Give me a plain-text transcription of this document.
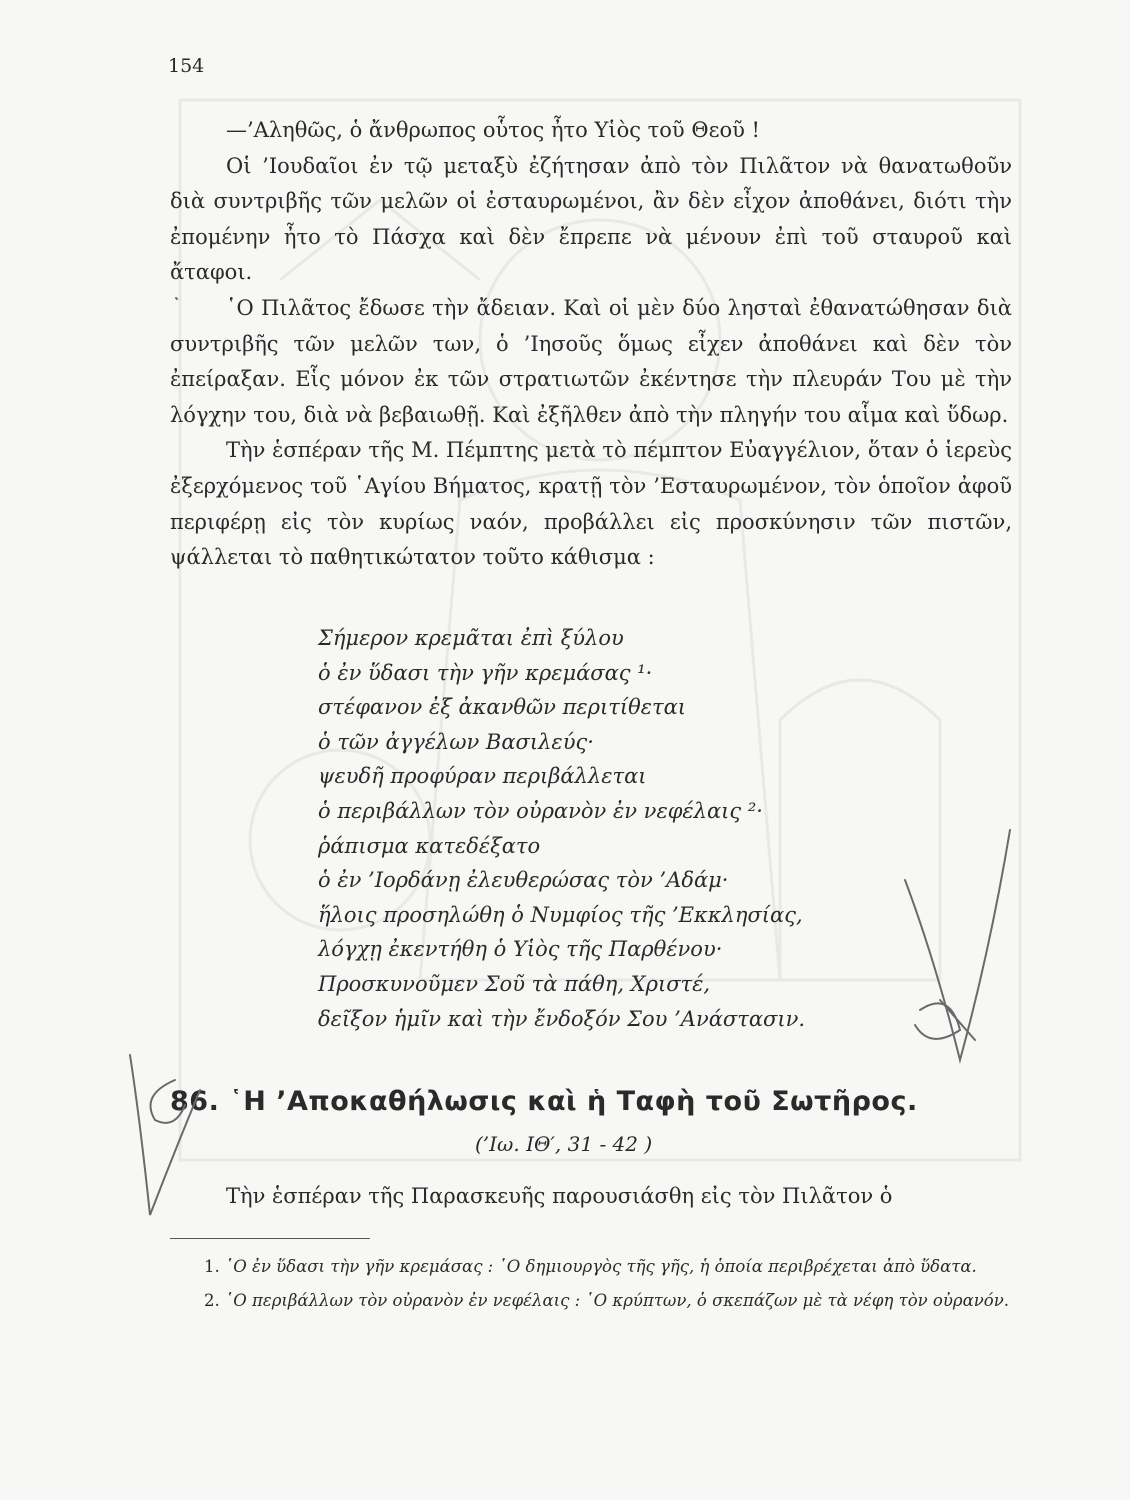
154

—’Αληθῶς, ὁ ἄνθρωπος οὗτος ἦτο Υἱὸς τοῦ Θεοῦ !

Οἱ ’Ιουδαῖοι ἐν τῷ μεταξὺ ἐζήτησαν ἀπὸ τὸν Πιλᾶτον νὰ θανατωθοῦν διὰ συντριβῆς τῶν μελῶν οἱ ἐσταυρωμένοι, ἂν δὲν εἶχον ἀποθάνει, διότι τὴν ἐπομένην ἦτο τὸ Πάσχα καὶ δὲν ἔπρεπε νὰ μένουν ἐπὶ τοῦ σταυροῦ καὶ ἄταφοι.

῾Ο Πιλᾶτος ἔδωσε τὴν ἄδειαν. Καὶ οἱ μὲν δύο λησταὶ ἐθανατώθησαν διὰ συντριβῆς τῶν μελῶν των, ὁ ’Ιησοῦς ὅμως εἶχεν ἀποθάνει καὶ δὲν τὸν ἐπείραξαν. Εἷς μόνον ἐκ τῶν στρατιωτῶν ἐκέντησε τὴν πλευράν Του μὲ τὴν λόγχην του, διὰ νὰ βεβαιωθῇ. Καὶ ἐξῆλθεν ἀπὸ τὴν πληγήν του αἷμα καὶ ὕδωρ.

Τὴν ἑσπέραν τῆς Μ. Πέμπτης μετὰ τὸ πέμπτον Εὐαγγέλιον, ὅταν ὁ ἱερεὺς ἐξερχόμενος τοῦ ῾Αγίου Βήματος, κρατῇ τὸν ’Εσταυρωμένον, τὸν ὁποῖον ἀφοῦ περιφέρῃ εἰς τὸν κυρίως ναόν, προβάλλει εἰς προσκύνησιν τῶν πιστῶν, ψάλλεται τὸ παθητικώτατον τοῦτο κάθισμα :

Σήμερον κρεμᾶται ἐπὶ ξύλου
ὁ ἐν ὕδασι τὴν γῆν κρεμάσας ¹·
στέφανον ἐξ ἀκανθῶν περιτίθεται
ὁ τῶν ἀγγέλων Βασιλεύς·
ψευδῆ προφύραν περιβάλλεται
ὁ περιβάλλων τὸν οὐρανὸν ἐν νεφέλαις ²·
ῥάπισμα κατεδέξατο
ὁ ἐν ’Ιορδάνῃ ἐλευθερώσας τὸν ’Αδάμ·
ἥλοις προσηλώθη ὁ Νυμφίος τῆς ’Εκκλησίας,
λόγχῃ ἐκεντήθη ὁ Υἱὸς τῆς Παρθένου·
Προσκυνοῦμεν Σοῦ τὰ πάθη, Χριστέ,
δεῖξον ἡμῖν καὶ τὴν ἔνδοξόν Σου ’Ανάστασιν.
86. ῾Η ’Αποκαθήλωσις καὶ ἡ Ταφὴ τοῦ Σωτῆρος.
(’Ιω. ΙΘ′, 31 - 42 )
Τὴν ἑσπέραν τῆς Παρασκευῆς παρουσιάσθη εἰς τὸν Πιλᾶτον ὁ

1. ῾Ο ἐν ὕδασι τὴν γῆν κρεμάσας : ῾Ο δημιουργὸς τῆς γῆς, ἡ ὁποία περιβρέχεται ἀπὸ ὕδατα.

2. ῾Ο περιβάλλων τὸν οὐρανὸν ἐν νεφέλαις : ῾Ο κρύπτων, ὁ σκεπάζων μὲ τὰ νέφη τὸν οὐρανόν.
